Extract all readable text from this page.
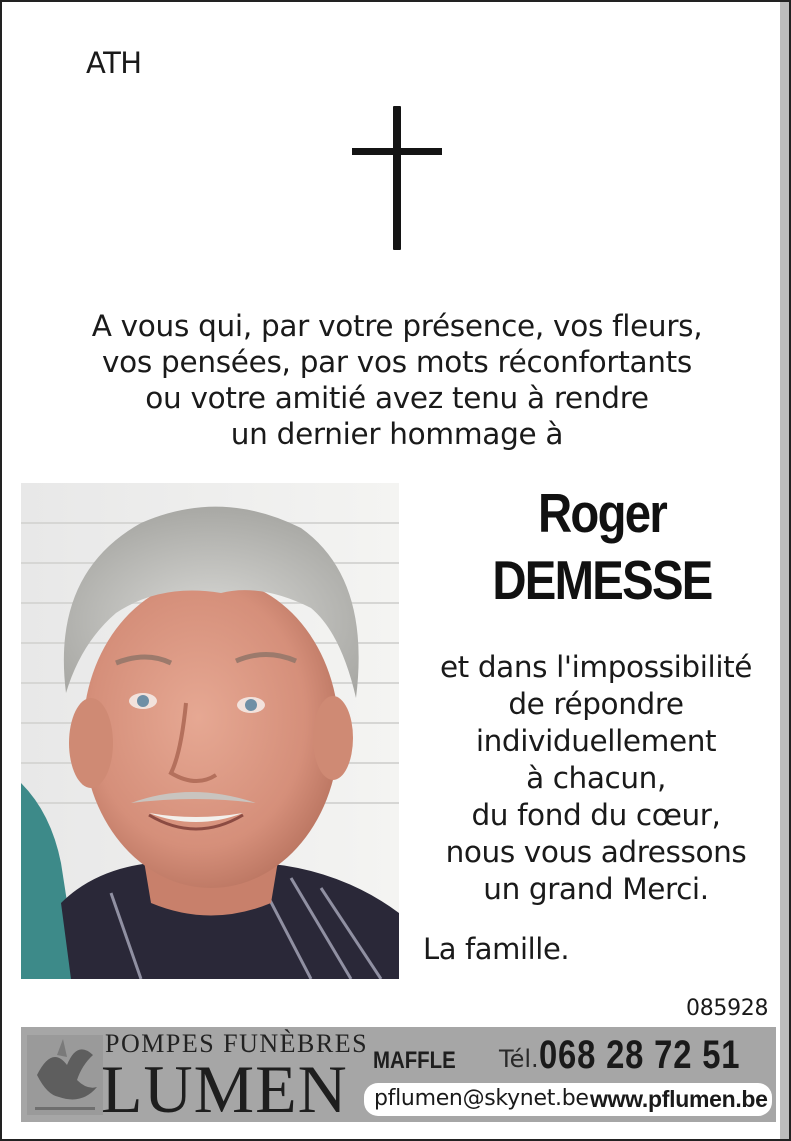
ATH
A vous qui, par votre présence, vos fleurs,
vos pensées, par vos mots réconfortants
ou votre amitié avez tenu à rendre
un dernier hommage à
Roger
DEMESSE
et dans l'impossibilité
de répondre
individuellement
à chacun,
du fond du cœur,
nous vous adressons
un grand Merci.
La famille.
085928
POMPES FUNÈBRES
LUMEN MAFFLE Tél. 068 28 72 51
pflumen@skynet.be www.pflumen.be
